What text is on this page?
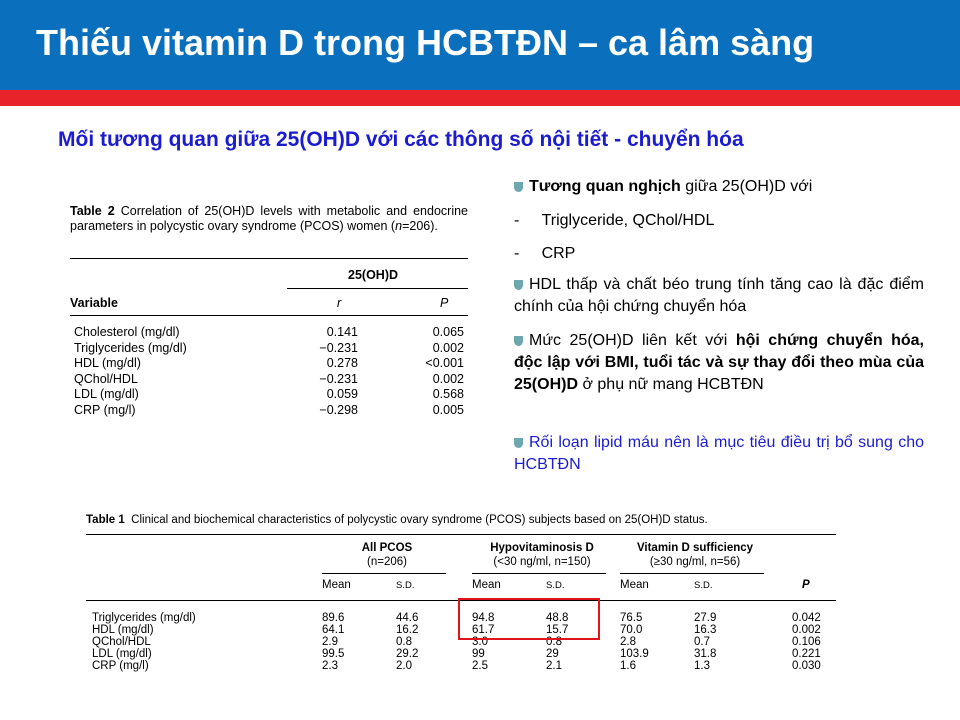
Thiếu vitamin D trong HCBTĐN – ca lâm sàng
Mối tương quan giữa 25(OH)D với các thông số nội tiết - chuyển hóa
Table 2 Correlation of 25(OH)D levels with metabolic and endocrine parameters in polycystic ovary syndrome (PCOS) women (n=206).
25(OH)D
Variable	r	P
Cholesterol (mg/dl)	0.141	0.065
Triglycerides (mg/dl)	−0.231	0.002
HDL (mg/dl)	0.278	<0.001
QChol/HDL	−0.231	0.002
LDL (mg/dl)	0.059	0.568
CRP (mg/l)	−0.298	0.005
Tương quan nghịch giữa 25(OH)D với
-     Triglyceride, QChol/HDL
-     CRP

HDL thấp và chất béo trung tính tăng cao là đặc điểm chính của hội chứng chuyển hóa

Mức 25(OH)D liên kết với hội chứng chuyển hóa, độc lập với BMI, tuổi tác và sự thay đổi theo mùa của 25(OH)D ở phụ nữ mang HCBTĐN

Rối loạn lipid máu nên là mục tiêu điều trị bổ sung cho HCBTĐN

Table 1 Clinical and biochemical characteristics of polycystic ovary syndrome (PCOS) subjects based on 25(OH)D status.
All PCOS
(n=206)
Hypovitaminosis D
(<30 ng/ml, n=150)
Vitamin D sufficiency
(≥30 ng/ml, n=56)
Mean	S.D.	Mean	S.D.	Mean	S.D.	P
Triglycerides (mg/dl)	89.6	44.6	94.8	48.8	76.5	27.9	0.042
HDL (mg/dl)	64.1	16.2	61.7	15.7	70.0	16.3	0.002
QChol/HDL	2.9	0.8	3.0	0.8	2.8	0.7	0.106
LDL (mg/dl)	99.5	29.2	99	29	103.9	31.8	0.221
CRP (mg/l)	2.3	2.0	2.5	2.1	1.6	1.3	0.030
